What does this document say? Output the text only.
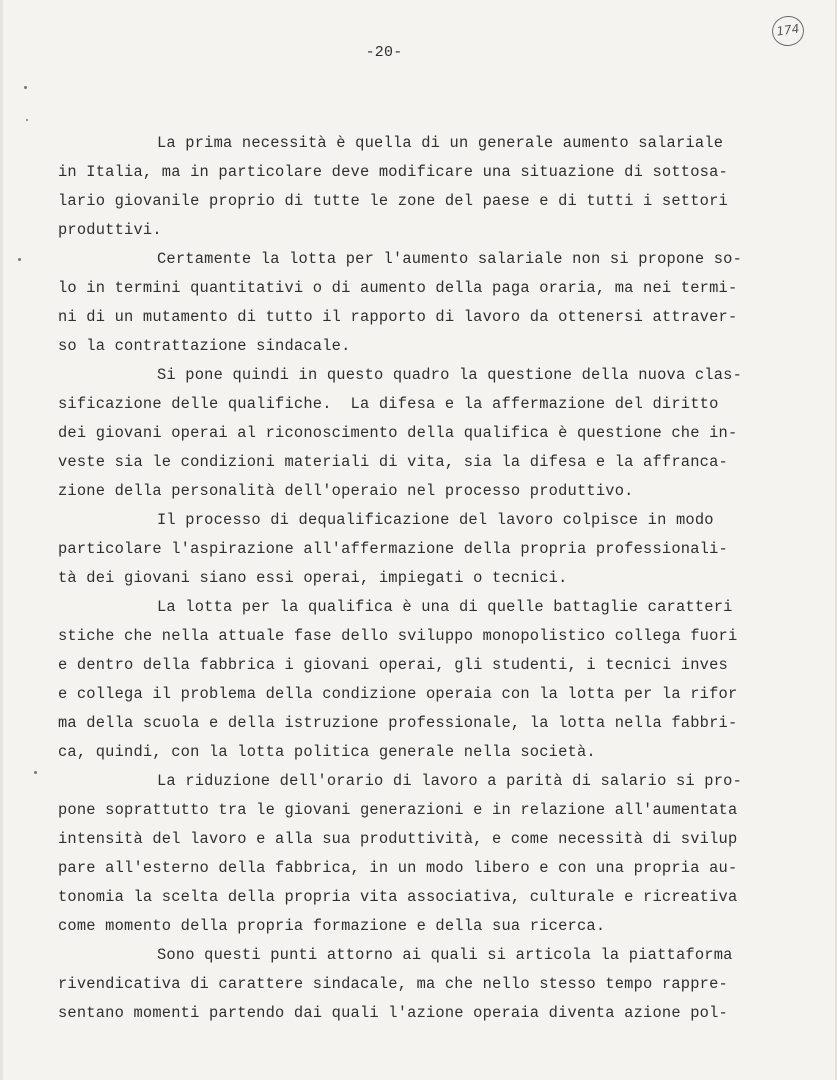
-20-
174
La prima necessità è quella di un generale aumento salariale
in Italia, ma in particolare deve modificare una situazione di sottosa-
lario giovanile proprio di tutte le zone del paese e di tutti i settori
produttivi.
Certamente la lotta per l'aumento salariale non si propone so-
lo in termini quantitativi o di aumento della paga oraria, ma nei termi-
ni di un mutamento di tutto il rapporto di lavoro da ottenersi attraver-
so la contrattazione sindacale.
Si pone quindi in questo quadro la questione della nuova clas-
sificazione delle qualifiche.  La difesa e la affermazione del diritto
dei giovani operai al riconoscimento della qualifica è questione che in-
veste sia le condizioni materiali di vita, sia la difesa e la affranca-
zione della personalità dell'operaio nel processo produttivo.
Il processo di dequalificazione del lavoro colpisce in modo
particolare l'aspirazione all'affermazione della propria professionali-
tà dei giovani siano essi operai, impiegati o tecnici.
La lotta per la qualifica è una di quelle battaglie caratteri
stiche che nella attuale fase dello sviluppo monopolistico collega fuori
e dentro della fabbrica i giovani operai, gli studenti, i tecnici inves
e collega il problema della condizione operaia con la lotta per la rifor
ma della scuola e della istruzione professionale, la lotta nella fabbri-
ca, quindi, con la lotta politica generale nella società.
La riduzione dell'orario di lavoro a parità di salario si pro-
pone soprattutto tra le giovani generazioni e in relazione all'aumentata
intensità del lavoro e alla sua produttività, e come necessità di svilup
pare all'esterno della fabbrica, in un modo libero e con una propria au-
tonomia la scelta della propria vita associativa, culturale e ricreativa
come momento della propria formazione e della sua ricerca.
Sono questi punti attorno ai quali si articola la piattaforma
rivendicativa di carattere sindacale, ma che nello stesso tempo rappre-
sentano momenti partendo dai quali l'azione operaia diventa azione pol-
